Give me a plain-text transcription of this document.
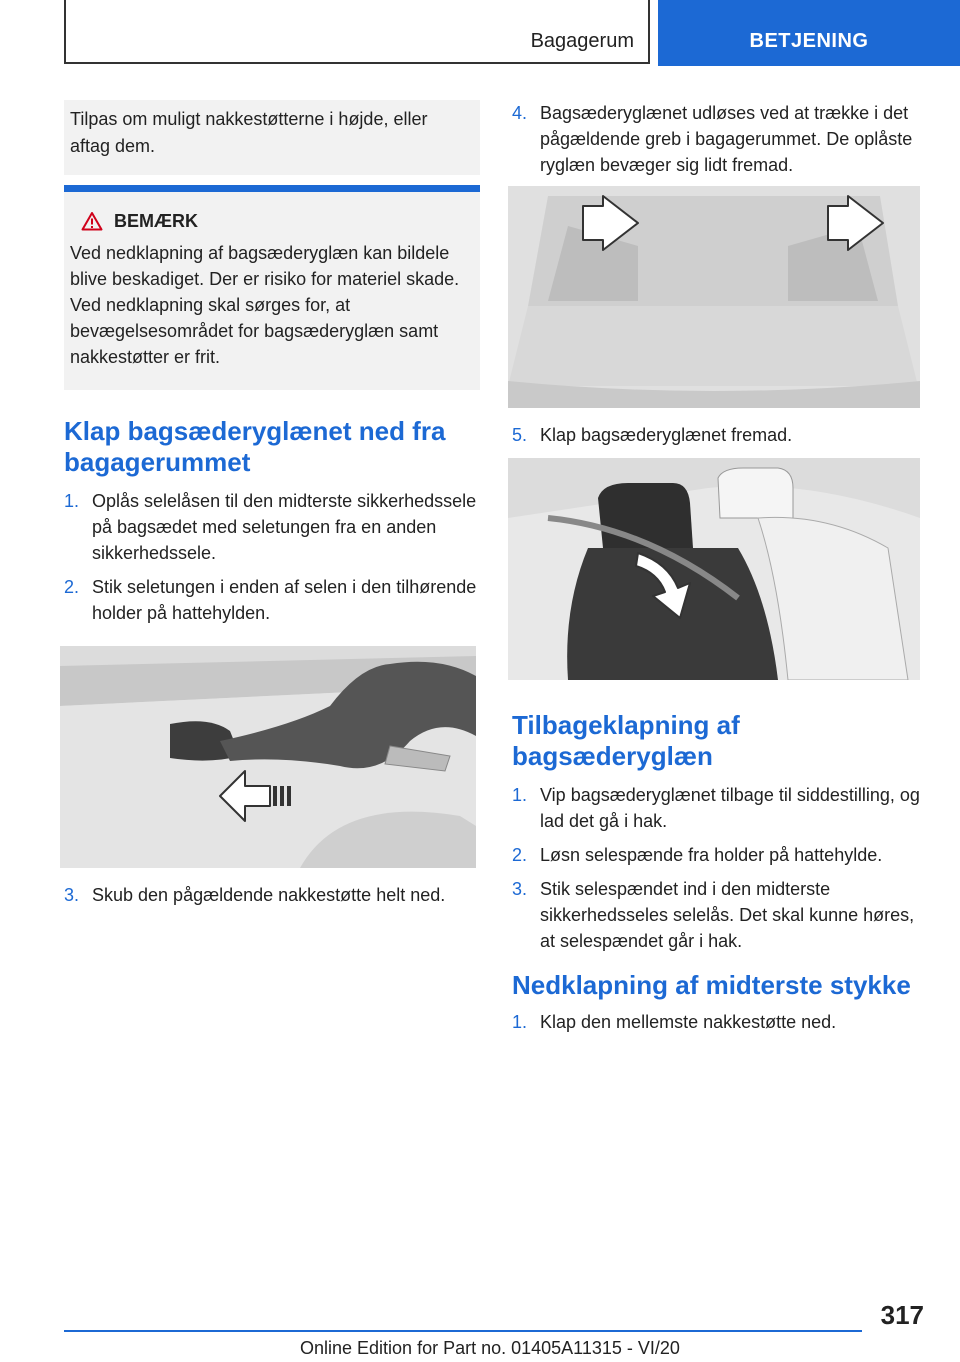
Bagagerum	BETJENING

Tilpas om muligt nakkestøtterne i højde, eller aftag dem.

BEMÆRK

Ved nedklapning af bagsæderyglæn kan bildele blive beskadiget. Der er risiko for materiel skade. Ved nedklapning skal sørges for, at bevægelsesområdet for bagsæderyglæn samt nakkestøtter er frit.

Klap bagsæderyglænet ned fra bagagerummet
1. Oplås selelåsen til den midterste sikkerhedssele på bagsædet med seletungen fra en anden sikkerhedssele.
2. Stik seletungen i enden af selen i den tilhørende holder på hattehylden.
3. Skub den pågældende nakkestøtte helt ned.
4. Bagsæderyglænet udløses ved at trække i det pågældende greb i bagagerummet. De oplåste ryglæn bevæger sig lidt fremad.
5. Klap bagsæderyglænet fremad.
Tilbageklapning af bagsæderyglæn
1. Vip bagsæderyglænet tilbage til siddestilling, og lad det gå i hak.
2. Løsn selespænde fra holder på hattehylde.
3. Stik selespændet ind i den midterste sikkerhedsseles selelås. Det skal kunne høres, at selespændet går i hak.
Nedklapning af midterste stykke
1. Klap den mellemste nakkestøtte ned.
317
Online Edition for Part no. 01405A11315 - VI/20
